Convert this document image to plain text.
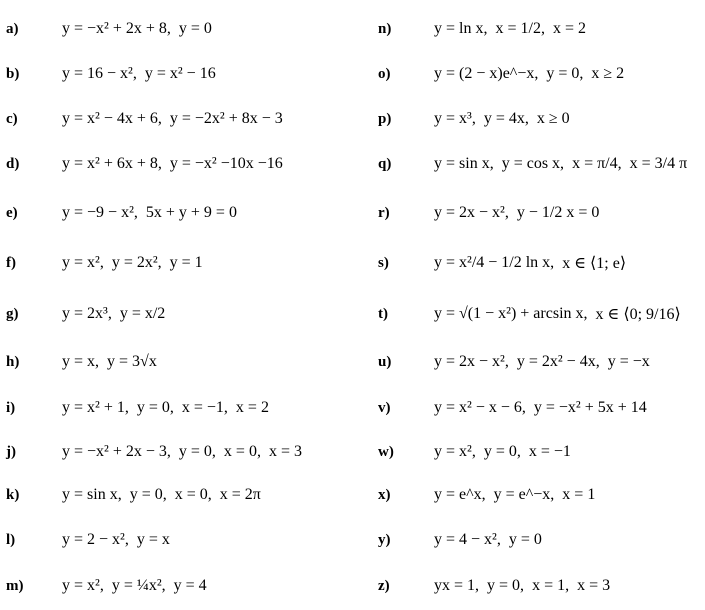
a)	y = −x² + 2x + 8,
y = 0
b)	y = 16 − x²,
y = x² − 16
c)	y = x² − 4x + 6,
y = −2x² + 8x − 3
d)	y = x² + 6x + 8,
y = −x² −10x −16
e)	y = −9 − x²,
5x + y + 9 = 0
f)	y = x²,
y = 2x²,
y = 1
g)	y = 2x³,
y = x/2
h)	y = x,
y = 3√x
i)	y = x² + 1,
y = 0,
x = −1,
x = 2
j)	y = −x² + 2x − 3,
y = 0,
x = 0,
x = 3
k)	y = sin x,
y = 0,
x = 0,
x = 2π
l)	y = 2 − x²,
y = x
m)	y = x²,
y = ¼x²,
y = 4
n)	y = ln x,
x = 1/2,
x = 2
o)	y = (2 − x)e^−x,
y = 0,
x ≥ 2
p)	y = x³,
y = 4x,
x ≥ 0
q)	y = sin x,
y = cos x,
x = π/4,
x = 3/4 π
r)	y = 2x − x²,
y − 1/2 x = 0
s)	y = x²/4 − 1/2 ln x,
x ∈ ⟨1; e⟩
t)	y = √(1 − x²) + arcsin x,
x ∈ ⟨0; 9/16⟩
u)	y = 2x − x²,
y = 2x² − 4x,
y = −x
v)	y = x² − x − 6,
y = −x² + 5x + 14
w)	y = x²,
y = 0,
x = −1
x)	y = e^x,
y = e^−x,
x = 1
y)	y = 4 − x²,
y = 0
z)	yx = 1,
y = 0,
x = 1,
x = 3
